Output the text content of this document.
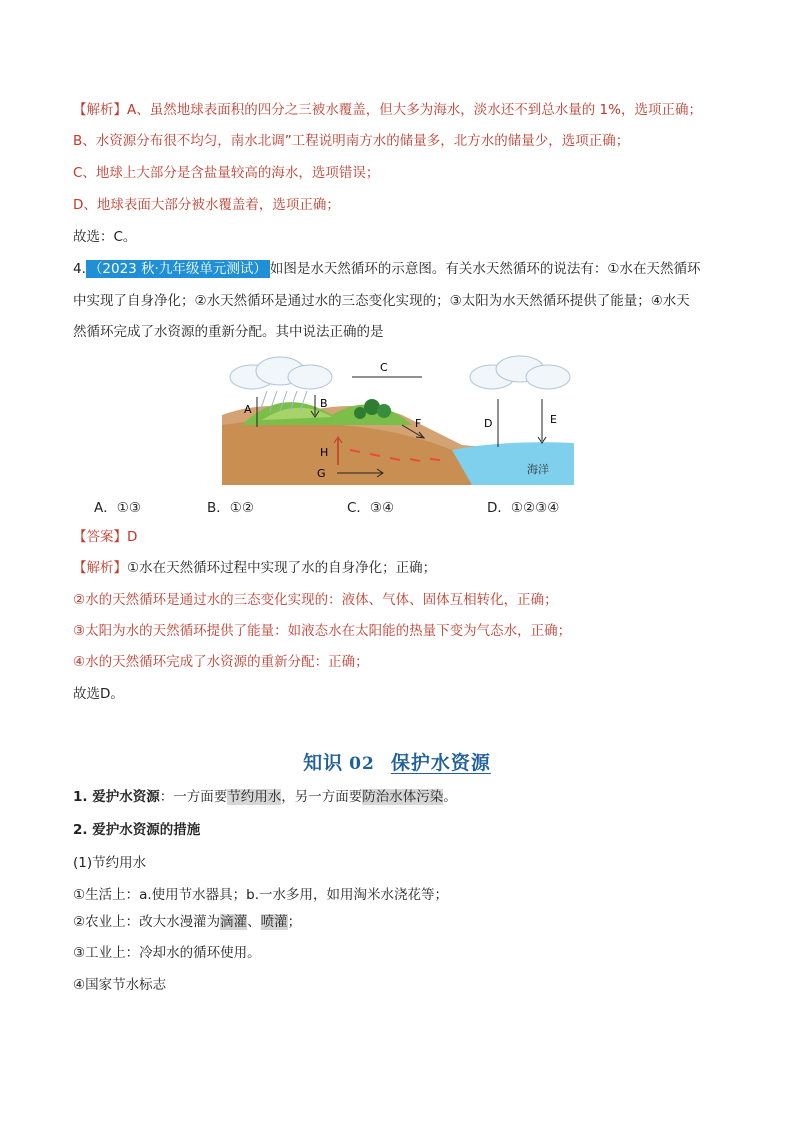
【解析】A、虽然地球表面积的四分之三被水覆盖，但大多为海水，淡水还不到总水量的 1%，选项正确；
B、水资源分布很不均匀，南水北调”工程说明南方水的储量多，北方水的储量少，选项正确；
C、地球上大部分是含盐量较高的海水，选项错误；
D、地球表面大部分被水覆盖着，选项正确；
故选：C。
4. （2023 秋·九年级单元测试） 如图是水天然循环的示意图。有关水天然循环的说法有：①水在天然循环
中实现了自身净化；②水天然循环是通过水的三态变化实现的；③太阳为水天然循环提供了能量；④水天
然循环完成了水资源的重新分配。其中说法正确的是
海洋
A	B
C
F	D	E
H
G
A．①③	B．①②	C．③④	D．①②③④
【答案】D
【解析】①水在天然循环过程中实现了水的自身净化；正确；
②水的天然循环是通过水的三态变化实现的：液体、气体、固体互相转化，正确；
③太阳为水的天然循环提供了能量：如液态水在太阳能的热量下变为气态水，正确；
④水的天然循环完成了水资源的重新分配：正确；
故选D。
知识 02 保护水资源
1. 爱护水资源：一方面要节约用水，另一方面要防治水体污染。
2. 爱护水资源的措施
(1)节约用水
①生活上：a.使用节水器具；b.一水多用，如用淘米水浇花等；
②农业上：改大水漫灌为滴灌、喷灌；
③工业上：冷却水的循环使用。
④国家节水标志
